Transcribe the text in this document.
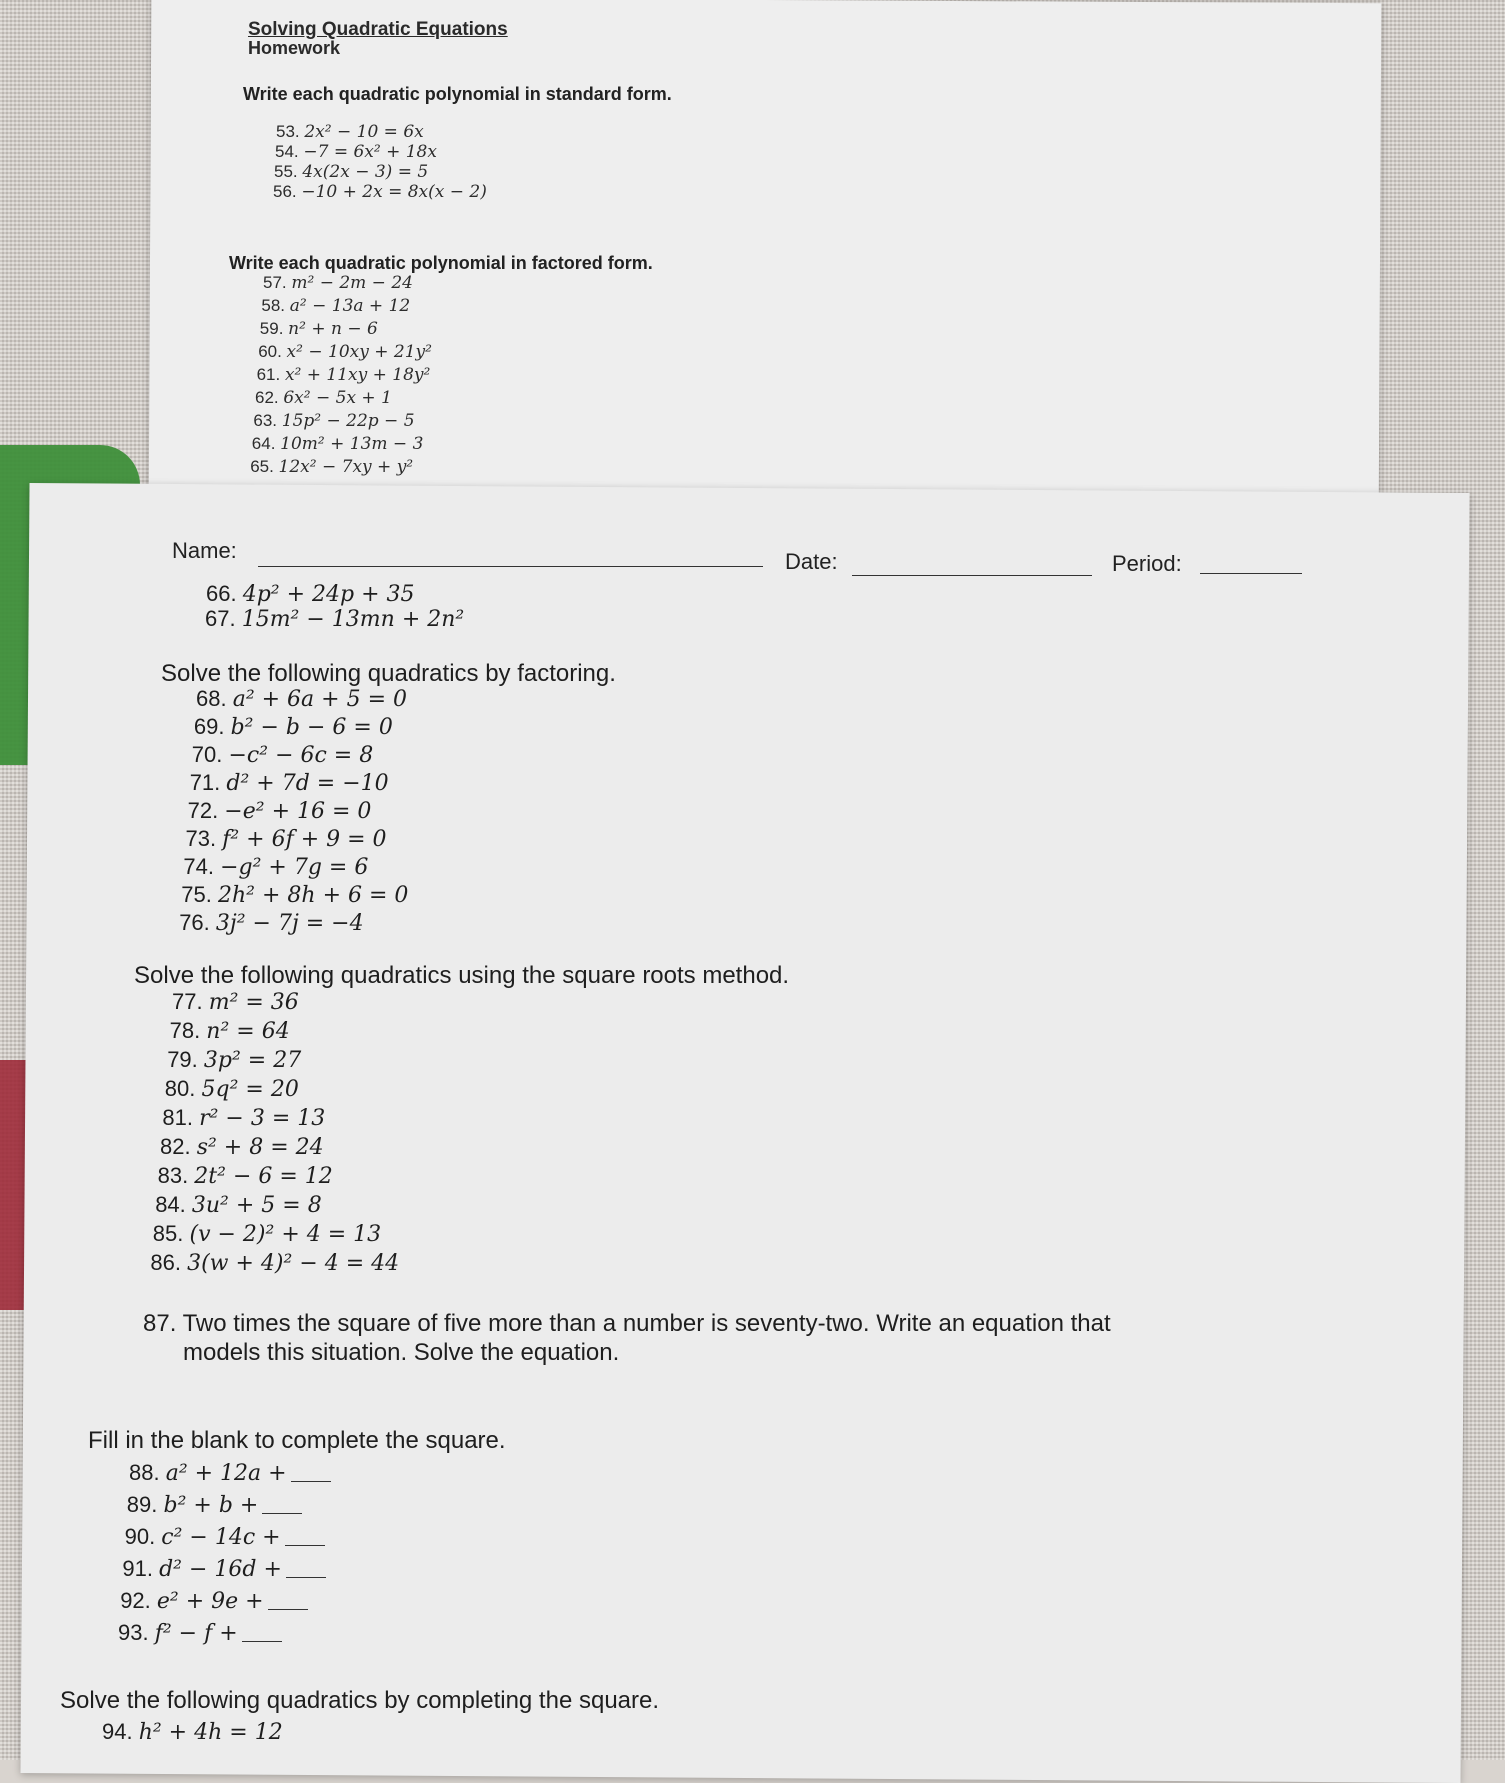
Solving Quadratic Equations
Homework
Write each quadratic polynomial in standard form.
53. 2x² − 10 = 6x
54. −7 = 6x² + 18x
55. 4x(2x − 3) = 5
56. −10 + 2x = 8x(x − 2)
Write each quadratic polynomial in factored form.
57. m² − 2m − 24
58. a² − 13a + 12
59. n² + n − 6
60. x² − 10xy + 21y²
61. x² + 11xy + 18y²
62. 6x² − 5x + 1
63. 15p² − 22p − 5
64. 10m² + 13m − 3
65. 12x² − 7xy + y²
Name:	Date:	Period:
66. 4p² + 24p + 35
67. 15m² − 13mn + 2n²
Solve the following quadratics by factoring.
68. a² + 6a + 5 = 0
69. b² − b − 6 = 0
70. −c² − 6c = 8
71. d² + 7d = −10
72. −e² + 16 = 0
73. f² + 6f + 9 = 0
74. −g² + 7g = 6
75. 2h² + 8h + 6 = 0
76. 3j² − 7j = −4
Solve the following quadratics using the square roots method.
77. m² = 36
78. n² = 64
79. 3p² = 27
80. 5q² = 20
81. r² − 3 = 13
82. s² + 8 = 24
83. 2t² − 6 = 12
84. 3u² + 5 = 8
85. (v − 2)² + 4 = 13
86. 3(w + 4)² − 4 = 44
87. Two times the square of five more than a number is seventy-two. Write an equation that
models this situation. Solve the equation.
Fill in the blank to complete the square.
88. a² + 12a +
89. b² + b +
90. c² − 14c +
91. d² − 16d +
92. e² + 9e +
93. f² − f +
Solve the following quadratics by completing the square.
94. h² + 4h = 12
